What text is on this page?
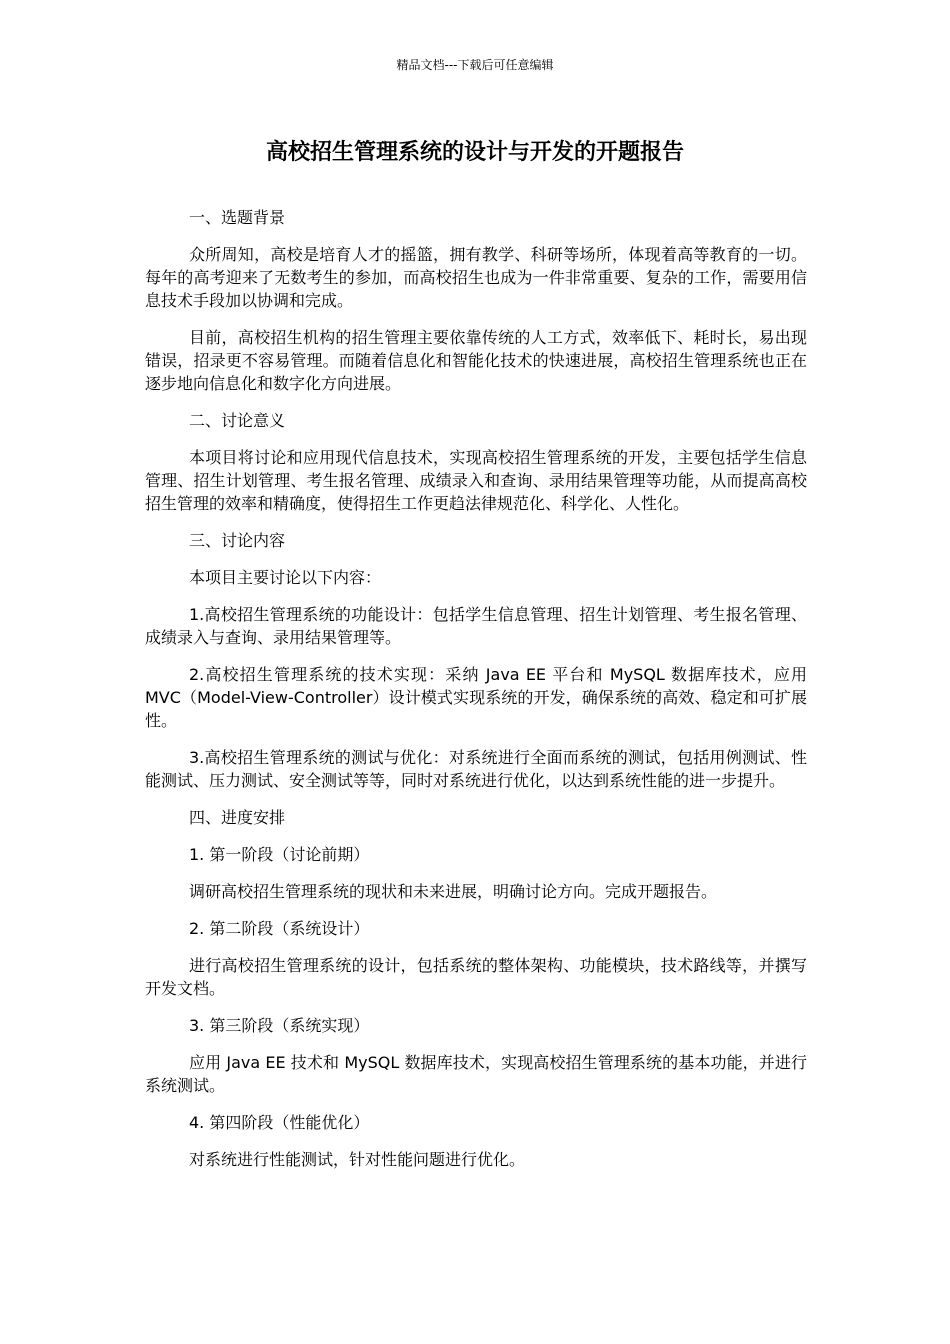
精品文档---下载后可任意编辑
高校招生管理系统的设计与开发的开题报告

一、选题背景

众所周知，高校是培育人才的摇篮，拥有教学、科研等场所，体现着高等教育的一切。每年的高考迎来了无数考生的参加，而高校招生也成为一件非常重要、复杂的工作，需要用信息技术手段加以协调和完成。

目前，高校招生机构的招生管理主要依靠传统的人工方式，效率低下、耗时长，易出现错误，招录更不容易管理。而随着信息化和智能化技术的快速进展，高校招生管理系统也正在逐步地向信息化和数字化方向进展。

二、讨论意义

本项目将讨论和应用现代信息技术，实现高校招生管理系统的开发，主要包括学生信息管理、招生计划管理、考生报名管理、成绩录入和查询、录用结果管理等功能，从而提高高校招生管理的效率和精确度，使得招生工作更趋法律规范化、科学化、人性化。

三、讨论内容

本项目主要讨论以下内容：

1.高校招生管理系统的功能设计：包括学生信息管理、招生计划管理、考生报名管理、成绩录入与查询、录用结果管理等。

2.高校招生管理系统的技术实现：采纳 Java EE 平台和 MySQL 数据库技术，应用 MVC（Model-View-Controller）设计模式实现系统的开发，确保系统的高效、稳定和可扩展性。

3.高校招生管理系统的测试与优化：对系统进行全面而系统的测试，包括用例测试、性能测试、压力测试、安全测试等等，同时对系统进行优化，以达到系统性能的进一步提升。

四、进度安排

1. 第一阶段（讨论前期）

调研高校招生管理系统的现状和未来进展，明确讨论方向。完成开题报告。

2. 第二阶段（系统设计）

进行高校招生管理系统的设计，包括系统的整体架构、功能模块，技术路线等，并撰写开发文档。

3. 第三阶段（系统实现）

应用 Java EE 技术和 MySQL 数据库技术，实现高校招生管理系统的基本功能，并进行系统测试。

4. 第四阶段（性能优化）

对系统进行性能测试，针对性能问题进行优化。
